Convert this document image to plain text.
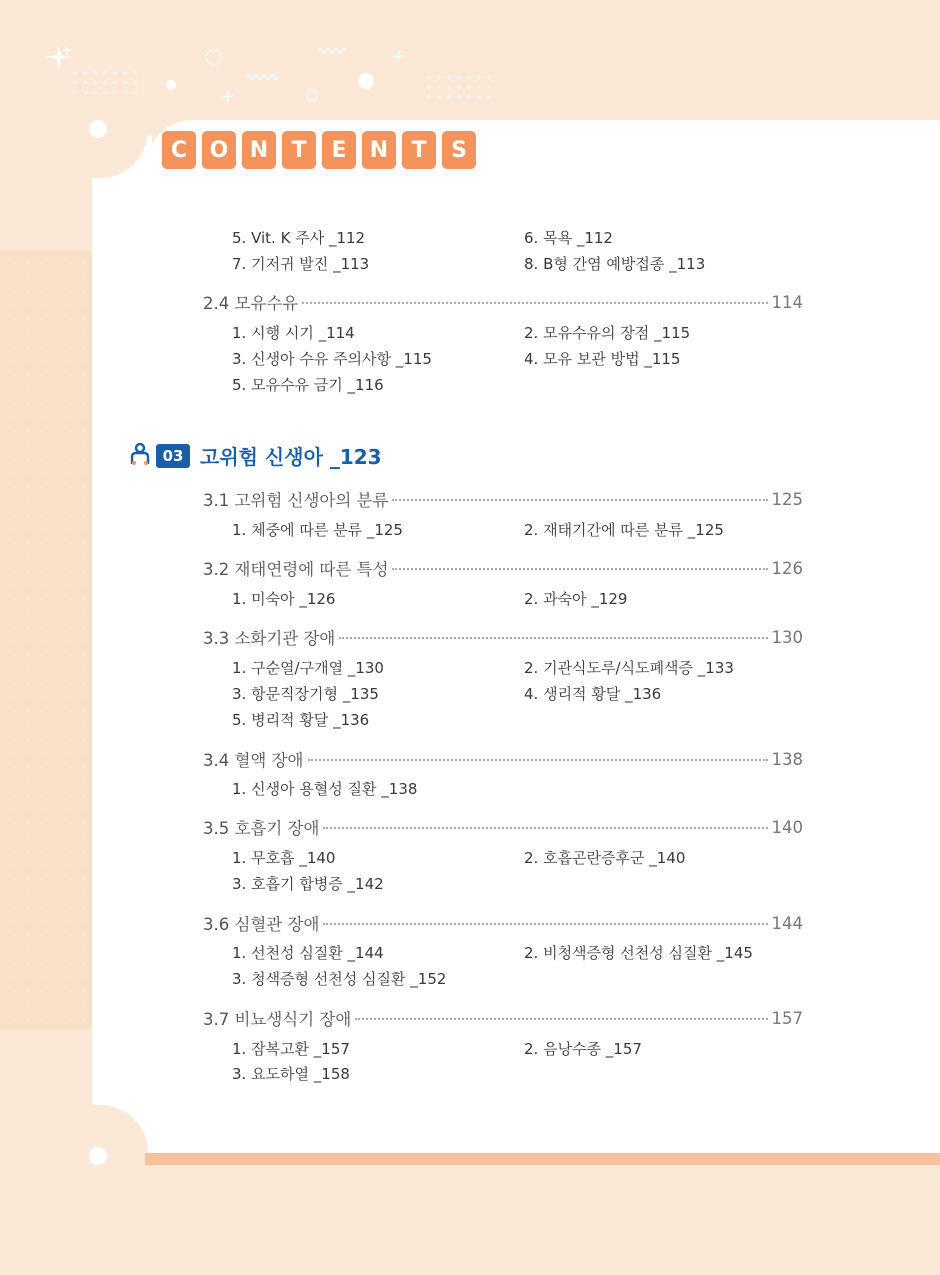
+
+
C	O N	T	E	N	T	S
5. Vit. K 주사 _112	6. 목욕 _112
7. 기저귀 발진 _113	8. B형 간염 예방접종 _113
2.4 모유수유	114
1. 시행 시기 _114	2. 모유수유의 장점 _115
3. 신생아 수유 주의사항 _115	4. 모유 보관 방법 _115
5. 모유수유 금기 _116
03 고위험 신생아 _123
3.1 고위험 신생아의 분류	125
1. 체중에 따른 분류 _125	2. 재태기간에 따른 분류 _125
3.2 재태연령에 따른 특성	126
1. 미숙아 _126	2. 과숙아 _129
3.3 소화기관 장애	130
1. 구순열/구개열 _130	2. 기관식도루/식도폐색증 _133
3. 항문직장기형 _135	4. 생리적 황달 _136
5. 병리적 황달 _136
3.4 혈액 장애	138
1. 신생아 용혈성 질환 _138
3.5 호흡기 장애	140
1. 무호흡 _140	2. 호흡곤란증후군 _140
3. 호흡기 합병증 _142
3.6 심혈관 장애	144
1. 선천성 심질환 _144	2. 비청색증형 선천성 심질환 _145
3. 청색증형 선천성 심질환 _152
3.7 비뇨생식기 장애	157
1. 잠복고환 _157	2. 음낭수종 _157
3. 요도하열 _158
